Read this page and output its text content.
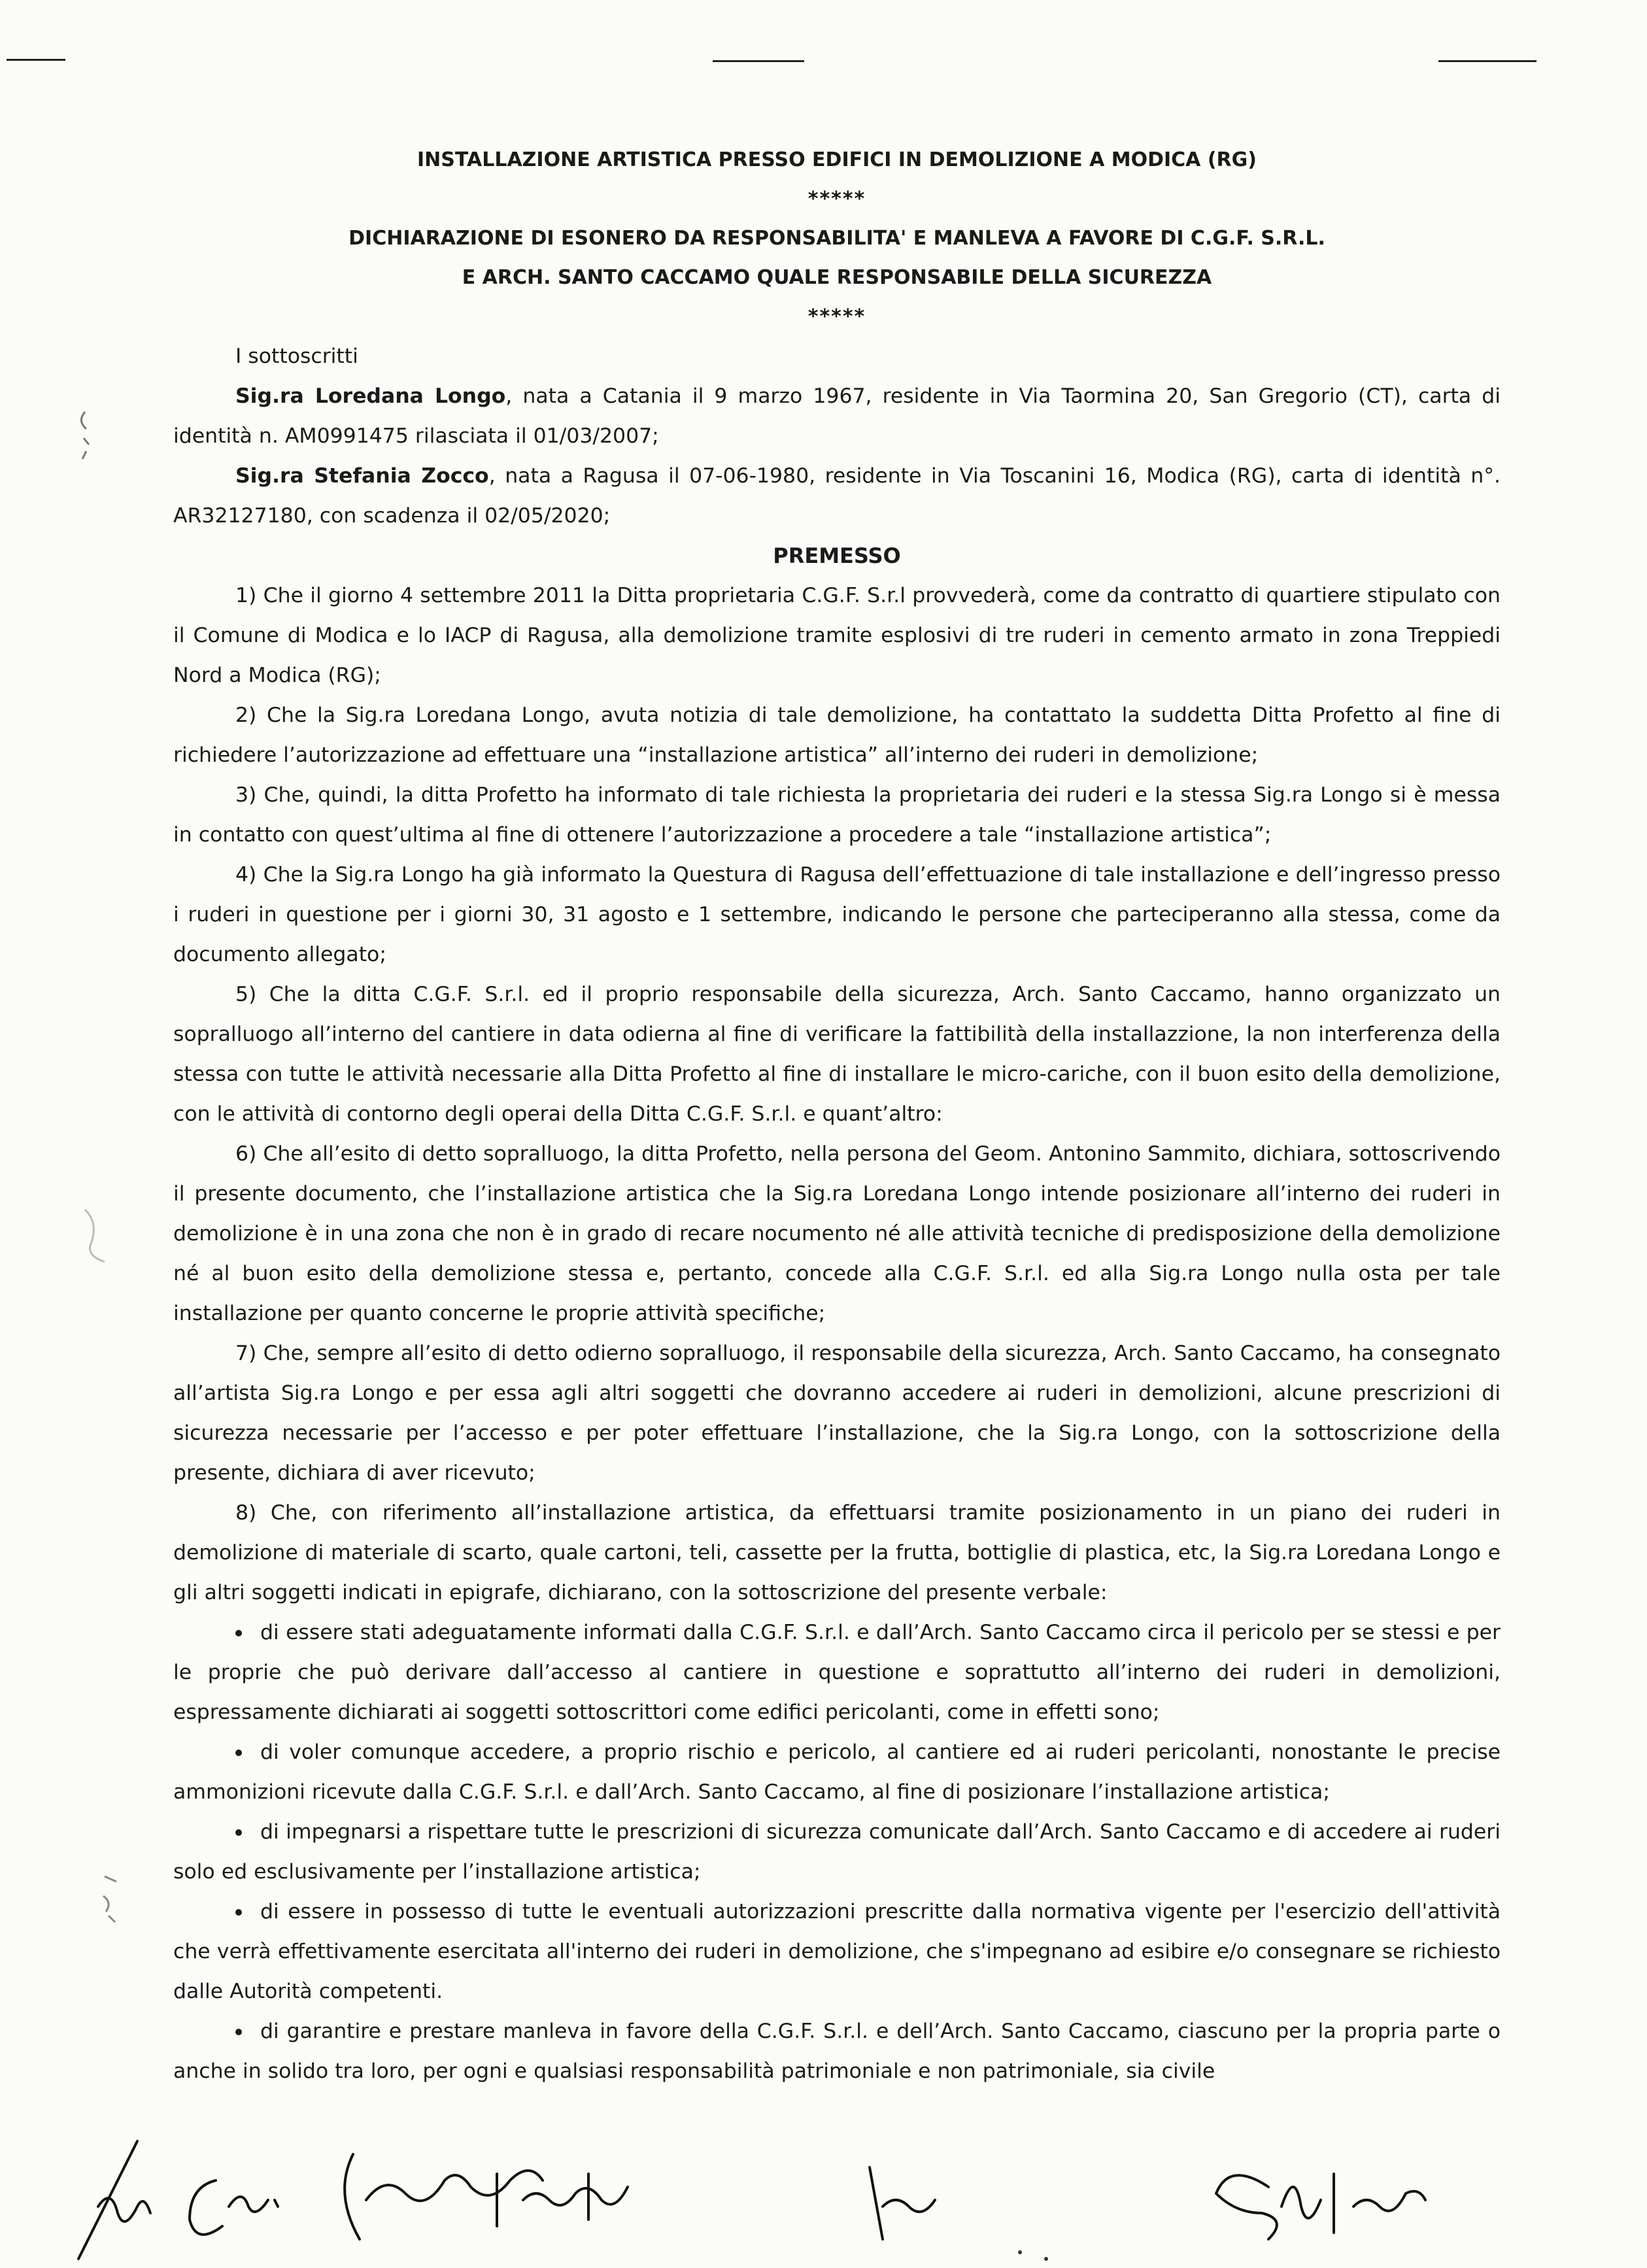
INSTALLAZIONE ARTISTICA PRESSO EDIFICI IN DEMOLIZIONE A MODICA (RG)

*****

DICHIARAZIONE DI ESONERO DA RESPONSABILITA' E MANLEVA A FAVORE DI C.G.F. S.R.L.

E ARCH. SANTO CACCAMO QUALE RESPONSABILE DELLA SICUREZZA

*****

I sottoscritti

Sig.ra Loredana Longo, nata a Catania il 9 marzo 1967, residente in Via Taormina 20, San Gregorio (CT), carta di identità n. AM0991475 rilasciata il 01/03/2007;

Sig.ra Stefania Zocco, nata a Ragusa il 07-06-1980, residente in Via Toscanini 16, Modica (RG), carta di identità n°. AR32127180, con scadenza il 02/05/2020;

PREMESSO

1) Che il giorno 4 settembre 2011 la Ditta proprietaria C.G.F. S.r.l provvederà, come da contratto di quartiere stipulato con il Comune di Modica e lo IACP di Ragusa, alla demolizione tramite esplosivi di tre ruderi in cemento armato in zona Treppiedi Nord a Modica (RG);

2) Che la Sig.ra Loredana Longo, avuta notizia di tale demolizione, ha contattato la suddetta Ditta Profetto al fine di richiedere l’autorizzazione ad effettuare una “installazione artistica” all’interno dei ruderi in demolizione;

3) Che, quindi, la ditta Profetto ha informato di tale richiesta la proprietaria dei ruderi e la stessa Sig.ra Longo si è messa in contatto con quest’ultima al fine di ottenere l’autorizzazione a procedere a tale “installazione artistica”;

4) Che la Sig.ra Longo ha già informato la Questura di Ragusa dell’effettuazione di tale installazione e dell’ingresso presso i ruderi in questione per i giorni 30, 31 agosto e 1 settembre, indicando le persone che parteciperanno alla stessa, come da documento allegato;

5) Che la ditta C.G.F. S.r.l. ed il proprio responsabile della sicurezza, Arch. Santo Caccamo, hanno organizzato un sopralluogo all’interno del cantiere in data odierna al fine di verificare la fattibilità della installazzione, la non interferenza della stessa con tutte le attività necessarie alla Ditta Profetto al fine di installare le micro-cariche, con il buon esito della demolizione, con le attività di contorno degli operai della Ditta C.G.F. S.r.l. e quant’altro:

6) Che all’esito di detto sopralluogo, la ditta Profetto, nella persona del Geom. Antonino Sammito, dichiara, sottoscrivendo il presente documento, che l’installazione artistica che la Sig.ra Loredana Longo intende posizionare all’interno dei ruderi in demolizione è in una zona che non è in grado di recare nocumento né alle attività tecniche di predisposizione della demolizione né al buon esito della demolizione stessa e, pertanto, concede alla C.G.F. S.r.l. ed alla Sig.ra Longo nulla osta per tale installazione per quanto concerne le proprie attività specifiche;

7) Che, sempre all’esito di detto odierno sopralluogo, il responsabile della sicurezza, Arch. Santo Caccamo, ha consegnato all’artista Sig.ra Longo e per essa agli altri soggetti che dovranno accedere ai ruderi in demolizioni, alcune prescrizioni di sicurezza necessarie per l’accesso e per poter effettuare l’installazione, che la Sig.ra Longo, con la sottoscrizione della presente, dichiara di aver ricevuto;

8) Che, con riferimento all’installazione artistica, da effettuarsi tramite posizionamento in un piano dei ruderi in demolizione di materiale di scarto, quale cartoni, teli, cassette per la frutta, bottiglie di plastica, etc, la Sig.ra Loredana Longo e gli altri soggetti indicati in epigrafe, dichiarano, con la sottoscrizione del presente verbale:

di essere stati adeguatamente informati dalla C.G.F. S.r.l. e dall’Arch. Santo Caccamo circa il pericolo per se stessi e per le proprie che può derivare dall’accesso al cantiere in questione e soprattutto all’interno dei ruderi in demolizioni, espressamente dichiarati ai soggetti sottoscrittori come edifici pericolanti, come in effetti sono;
di voler comunque accedere, a proprio rischio e pericolo, al cantiere ed ai ruderi pericolanti, nonostante le precise ammonizioni ricevute dalla C.G.F. S.r.l. e dall’Arch. Santo Caccamo, al fine di posizionare l’installazione artistica;
di impegnarsi a rispettare tutte le prescrizioni di sicurezza comunicate dall’Arch. Santo Caccamo e di accedere ai ruderi solo ed esclusivamente per l’installazione artistica;
di essere in possesso di tutte le eventuali autorizzazioni prescritte dalla normativa vigente per l'esercizio dell'attività che verrà effettivamente esercitata all'interno dei ruderi in demolizione, che s'impegnano ad esibire e/o consegnare se richiesto dalle Autorità competenti.
di garantire e prestare manleva in favore della C.G.F. S.r.l. e dell’Arch. Santo Caccamo, ciascuno per la propria parte o anche in solido tra loro, per ogni e qualsiasi responsabilità patrimoniale e non patrimoniale, sia civile
